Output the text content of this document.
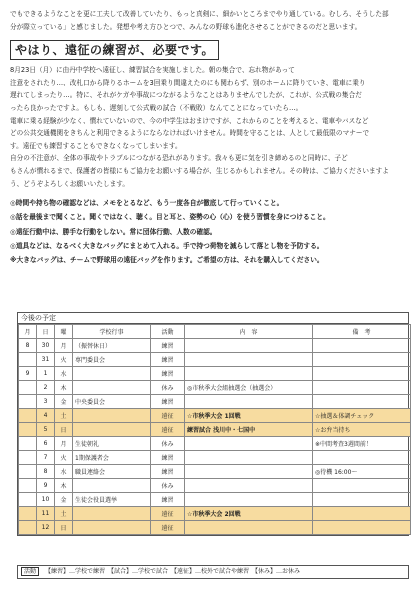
でもできるようなことを更に工夫して改善していたり、もっと真剣に、細かいところまでやり通している。むしろ、そうした部

分が際立っている」と感じました。発想や考え方ひとつで、みんなの野球も進化させることができるのだと思います。

やはり、遠征の練習が、必要です。

8月23日（月）に由丹中学校へ遠征し、練習試合を実施しました。朝の集合で、忘れ物があって

注意をされたり…、改札口から降りるホームを3回乗り間違えたのにも関わらず、別のホームに降りていき、電車に乗り

遅れてしまったり…。特に、それがケガや事故につながるようなことはありませんでしたが、これが、公式戦の集合だ

ったら良かったですよ。もしも、遅刻して公式戦の試合（不戦敗）なんてことになっていたら…。

電車に乗る経験が少なく、慣れていないので、今の中学生はおまけですが、これからのことを考えると、電車やバスなど

どの公共交通機関をきちんと利用できるようにならなければいけません。時間を守ることは、人として最低限のマナーで

す。遠征でも練習することもできなくなってしまいます。

自分の不注意が、全体の事故やトラブルにつながる恐れがあります。我々も更に気を引き締めるのと同時に、子ど

もさんが慣れるまで、保護者の皆様にもご協力をお願いする場合が、生じるかもしれません。その時は、ご協力くださいますよ

う、どうぞよろしくお願いいたします。

◎時間や持ち物の確認などは、メモをとるなど、もう一度各自が徹底して行っていくこと。
◎話を最後まで聞くこと。聞くではなく、聴く。目と耳と、姿勢の心（心）を使う習慣を身につけること。
◎遠征行動中は、勝手な行動をしない。常に団体行動、人数の確認。
◎道具などは、なるべく大きなバッグにまとめて入れる。手で持つ荷物を減らして落とし物を予防する。
※大きなバッグは、チームで野球用の遠征バッグを作ります。ご希望の方は、それを購入してください。
今後の予定
月	日	曜	学校行事	活動	内　容	備　考
8	30	月	（振替休日）	練習		
	31	火	専門委員会	練習		
9	1	水		練習		
	2	木		休み	◎市秋季大会組抽選会（抽選会）	
	3	金	中央委員会	練習		
	4	土		遠征	☆市秋季大会 1回戦	☆抽選＆体調チェック
	5	日		遠征	練習試合 浅川中・七国中	☆お弁当持ち
	6	月	生徒朝礼	休み		※中間考査3週間前！
	7	火	1期保護者会	練習		
	8	水	職員連絡会	練習		◎待機 16:00～
	9	木		休み		
	10	金	生徒会役員選挙	練習		
	11	土		遠征	☆市秋季大会 2回戦	
	12	日		遠征		
活動 【練習】…学校で練習　【試合】…学校で試合　【遠征】…校外で試合や練習　【休み】…お休み
